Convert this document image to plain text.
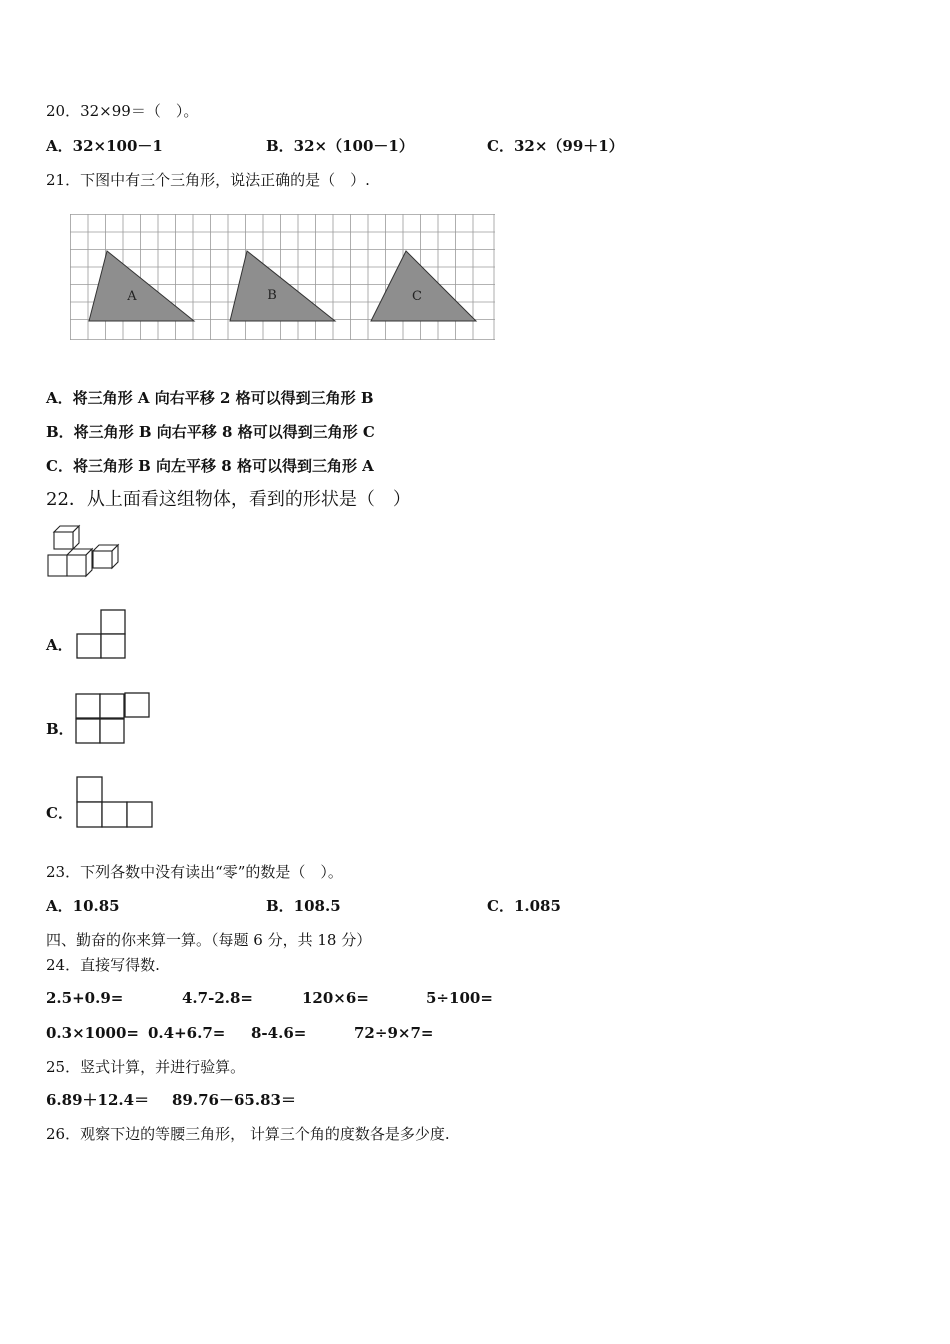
20．32×99＝（　）。
A．32×100－1	B．32×（100－1）	C．32×（99＋1）
21．下图中有三个三角形，说法正确的是（　）.
A	B	C
A．将三角形 A 向右平移 2 格可以得到三角形 B
B．将三角形 B 向右平移 8 格可以得到三角形 C
C．将三角形 B 向左平移 8 格可以得到三角形 A
22．从上面看这组物体，看到的形状是（　）
A．
B．
C．
23．下列各数中没有读出“零”的数是（　）。
A．10.85	B．108.5	C．1.085
四、勤奋的你来算一算。（每题 6 分，共 18 分）
24．直接写得数.
2.5+0.9=	4.7-2.8=	120×6=	5÷100=
0.3×1000= 0.4+6.7= 8-4.6=	72÷9×7=
25．竖式计算，并进行验算。
6.89＋12.4＝ 89.76－65.83＝
26．观察下边的等腰三角形， 计算三个角的度数各是多少度.
